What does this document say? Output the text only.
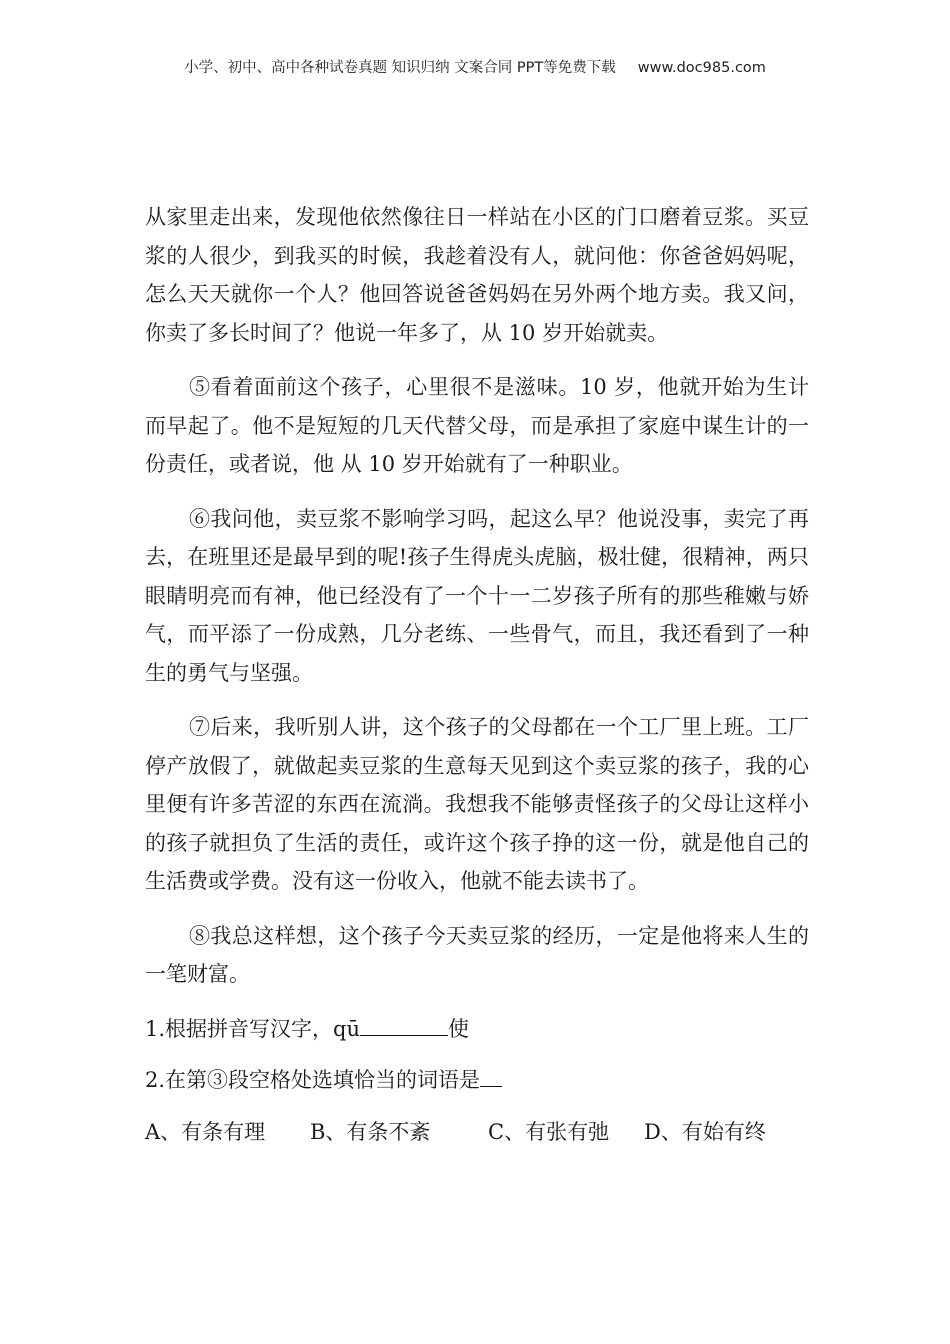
小学、初中、高中各种试卷真题 知识归纳 文案合同 PPT等免费下载 www.doc985.com

从家里走出来，发现他依然像往日一样站在小区的门口磨着豆浆。买豆浆的人很少，到我买的时候，我趁着没有人，就问他：你爸爸妈妈呢，怎么天天就你一个人？他回答说爸爸妈妈在另外两个地方卖。我又问，你卖了多长时间了？他说一年多了，从 10 岁开始就卖。

⑤看着面前这个孩子，心里很不是滋味。10 岁，他就开始为生计而早起了。他不是短短的几天代替父母，而是承担了家庭中谋生计的一份责任，或者说，他 从 10 岁开始就有了一种职业。

⑥我问他，卖豆浆不影响学习吗，起这么早？他说没事，卖完了再去，在班里还是最早到的呢!孩子生得虎头虎脑，极壮健，很精神，两只眼睛明亮而有神，他已经没有了一个十一二岁孩子所有的那些稚嫩与娇气，而平添了一份成熟，几分老练、一些骨气，而且，我还看到了一种生的勇气与坚强。

⑦后来，我听别人讲，这个孩子的父母都在一个工厂里上班。工厂停产放假了，就做起卖豆浆的生意每天见到这个卖豆浆的孩子，我的心里便有许多苦涩的东西在流淌。我想我不能够责怪孩子的父母让这样小的孩子就担负了生活的责任，或许这个孩子挣的这一份，就是他自己的生活费或学费。没有这一份收入，他就不能去读书了。

⑧我总这样想，这个孩子今天卖豆浆的经历，一定是他将来人生的一笔财富。

1.根据拼音写汉字，qū	使
2.在第③段空格处选填恰当的词语是
A、有条有理	B、有条不紊	C、有张有弛	D、有始有终
